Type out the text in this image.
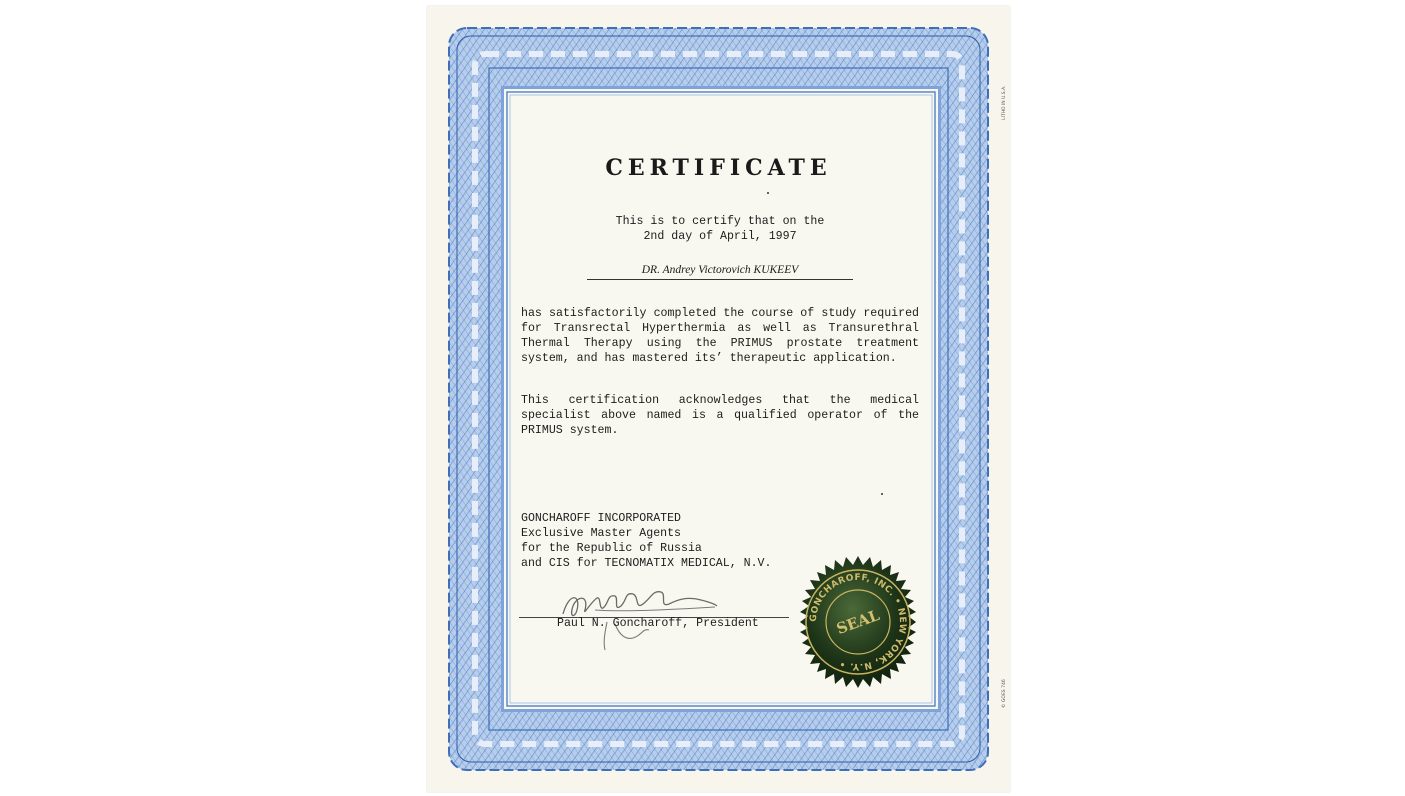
LITHO IN U.S.A.
© GOES 746
CERTIFICATE
This is to certify that on the
2nd day of April, 1997
DR. Andrey Victorovich KUKEEV
has satisfactorily completed the course of study required for Transrectal Hyperthermia as well as Transurethral Thermal Therapy using the PRIMUS prostate treatment system, and has mastered its’ therapeutic application.
This certification acknowledges that the medical specialist above named is a qualified operator of the PRIMUS system.
GONCHAROFF INCORPORATED
Exclusive Master Agents
for the Republic of Russia
and CIS for TECNOMATIX MEDICAL, N.V.
Paul N. Goncharoff, President	GONCHAROFF, INC. • NEW YORK, N.Y. •
SEAL
